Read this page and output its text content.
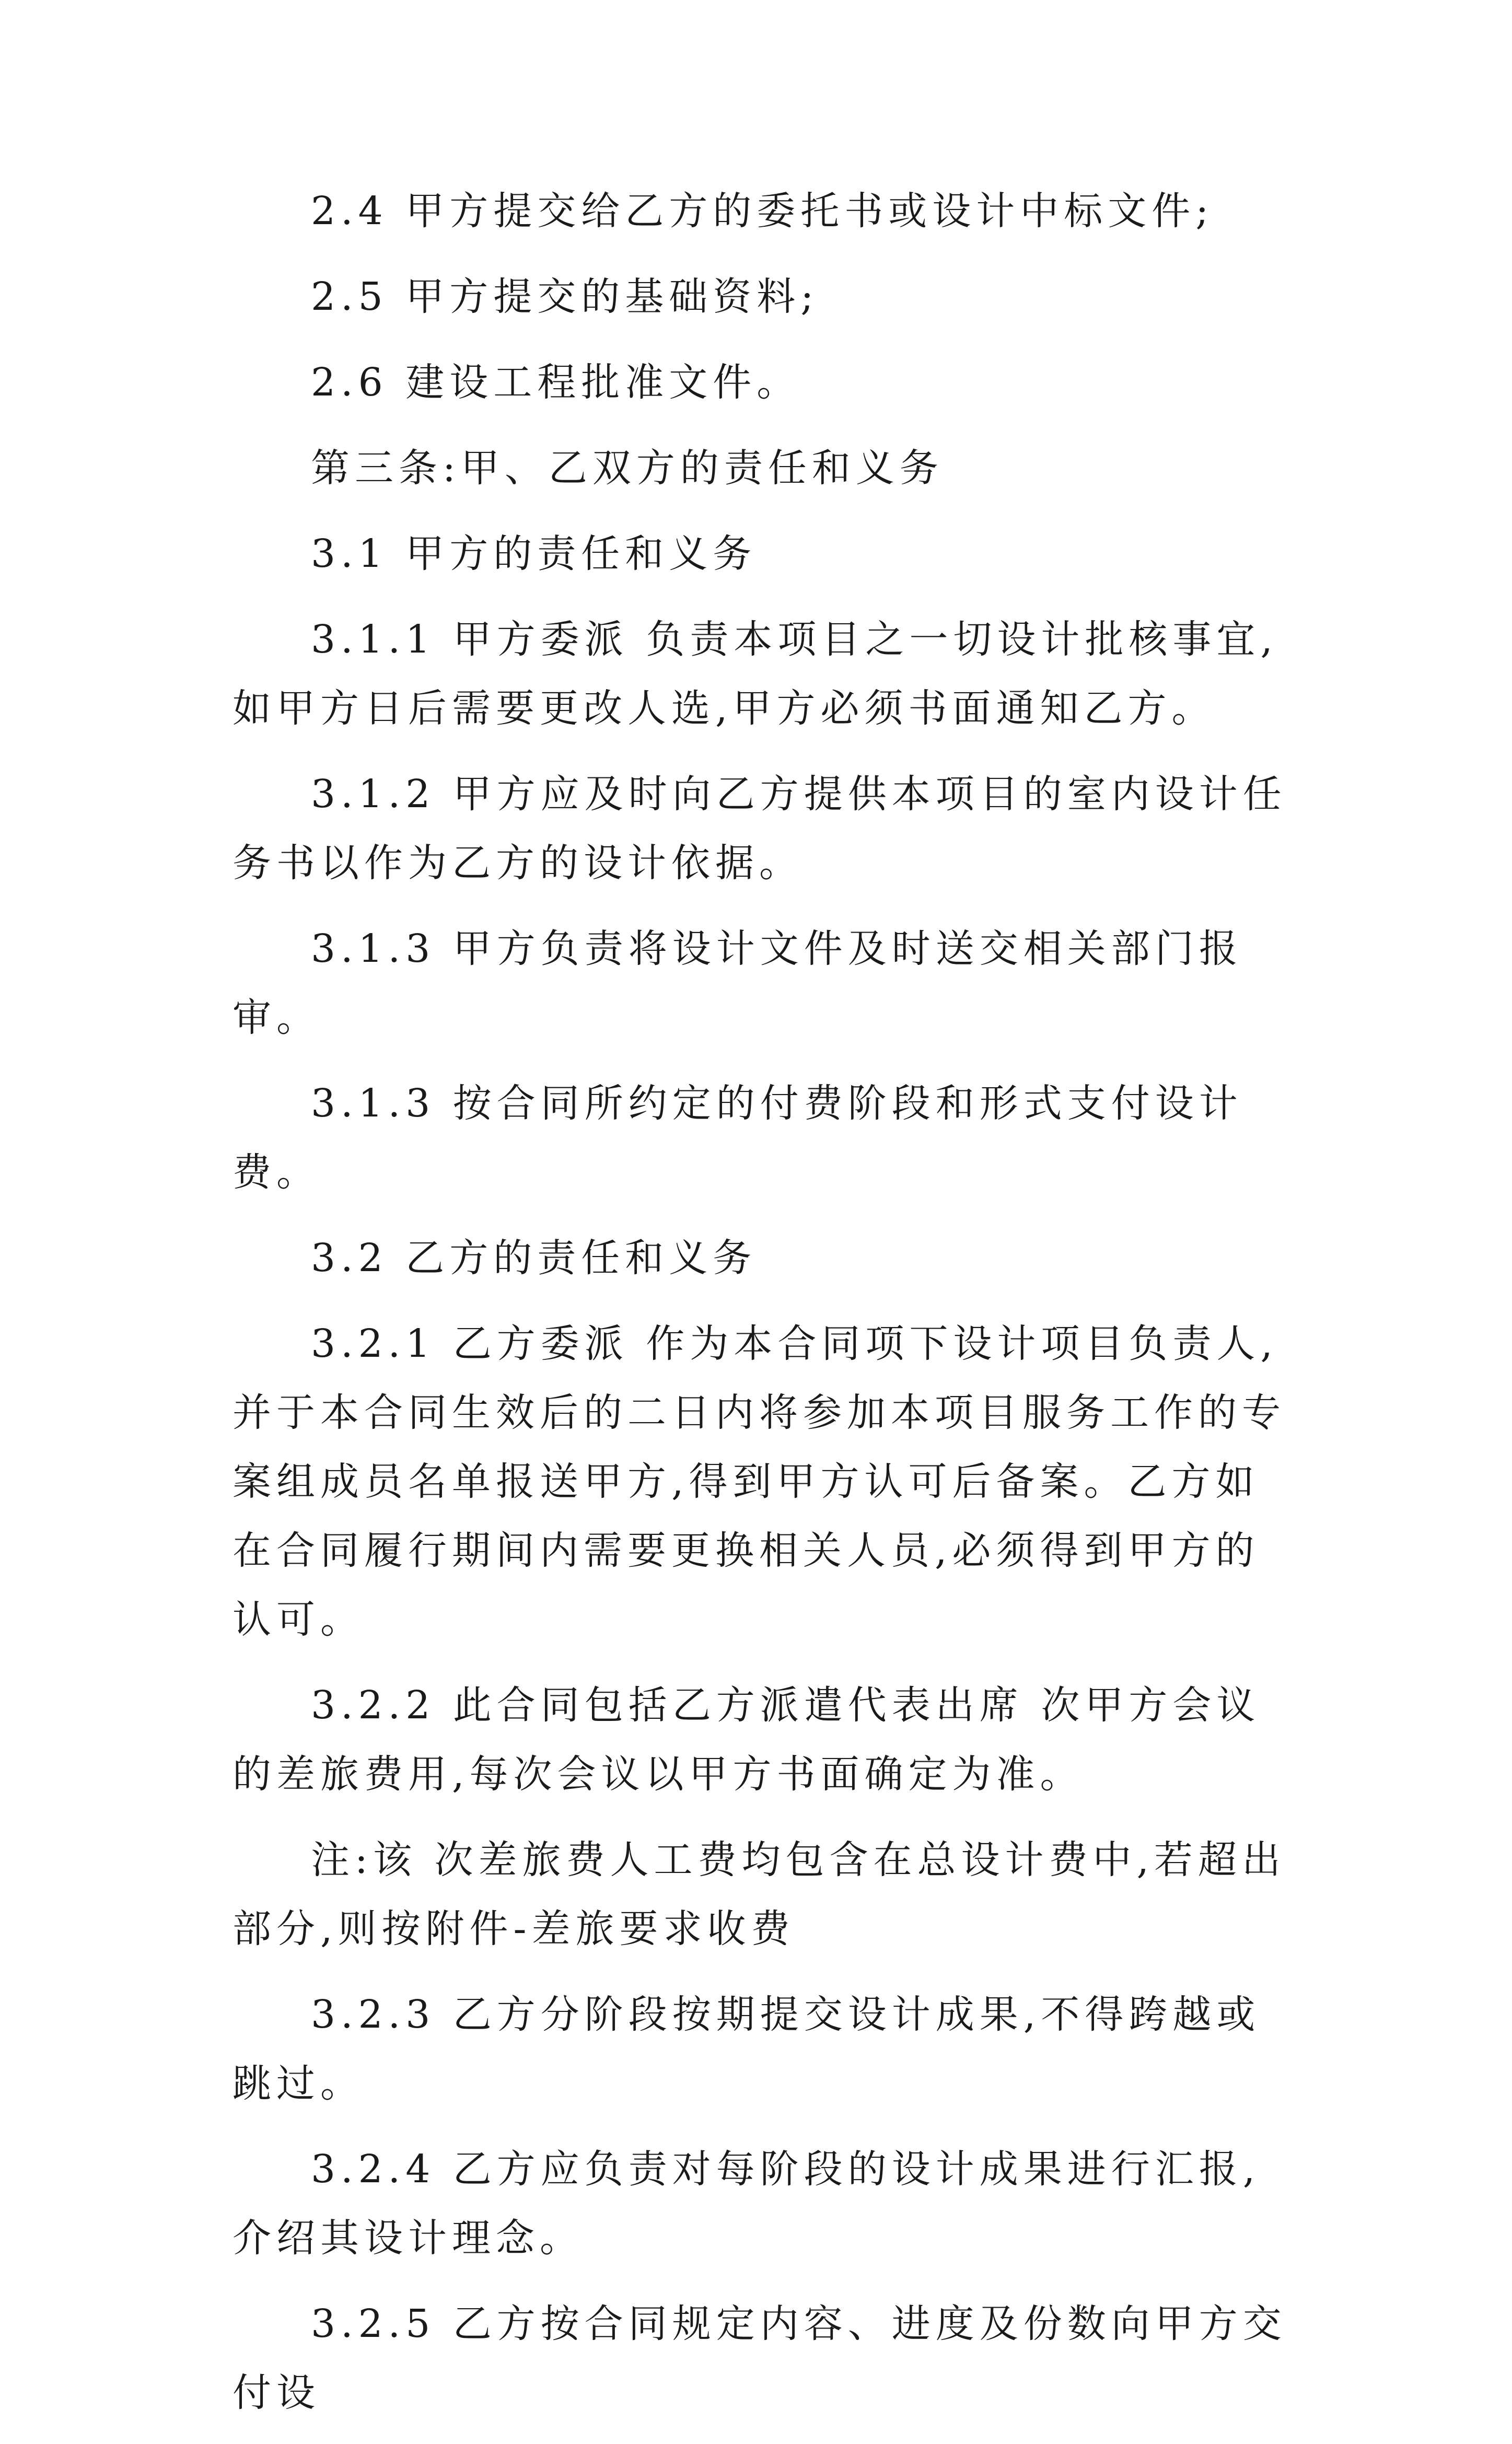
2.4 甲方提交给乙方的委托书或设计中标文件;

2.5 甲方提交的基础资料;

2.6 建设工程批准文件。

第三条:甲、乙双方的责任和义务

3.1 甲方的责任和义务

3.1.1 甲方委派 负责本项目之一切设计批核事宜,如甲方日后需要更改人选,甲方必须书面通知乙方。

3.1.2 甲方应及时向乙方提供本项目的室内设计任务书以作为乙方的设计依据。

3.1.3 甲方负责将设计文件及时送交相关部门报审。

3.1.3 按合同所约定的付费阶段和形式支付设计费。

3.2 乙方的责任和义务

3.2.1 乙方委派 作为本合同项下设计项目负责人,并于本合同生效后的二日内将参加本项目服务工作的专案组成员名单报送甲方,得到甲方认可后备案。乙方如在合同履行期间内需要更换相关人员,必须得到甲方的认可。

3.2.2 此合同包括乙方派遣代表出席 次甲方会议的差旅费用,每次会议以甲方书面确定为准。

注:该 次差旅费人工费均包含在总设计费中,若超出部分,则按附件-差旅要求收费

3.2.3 乙方分阶段按期提交设计成果,不得跨越或跳过。

3.2.4 乙方应负责对每阶段的设计成果进行汇报,介绍其设计理念。

3.2.5 乙方按合同规定内容、进度及份数向甲方交付设
